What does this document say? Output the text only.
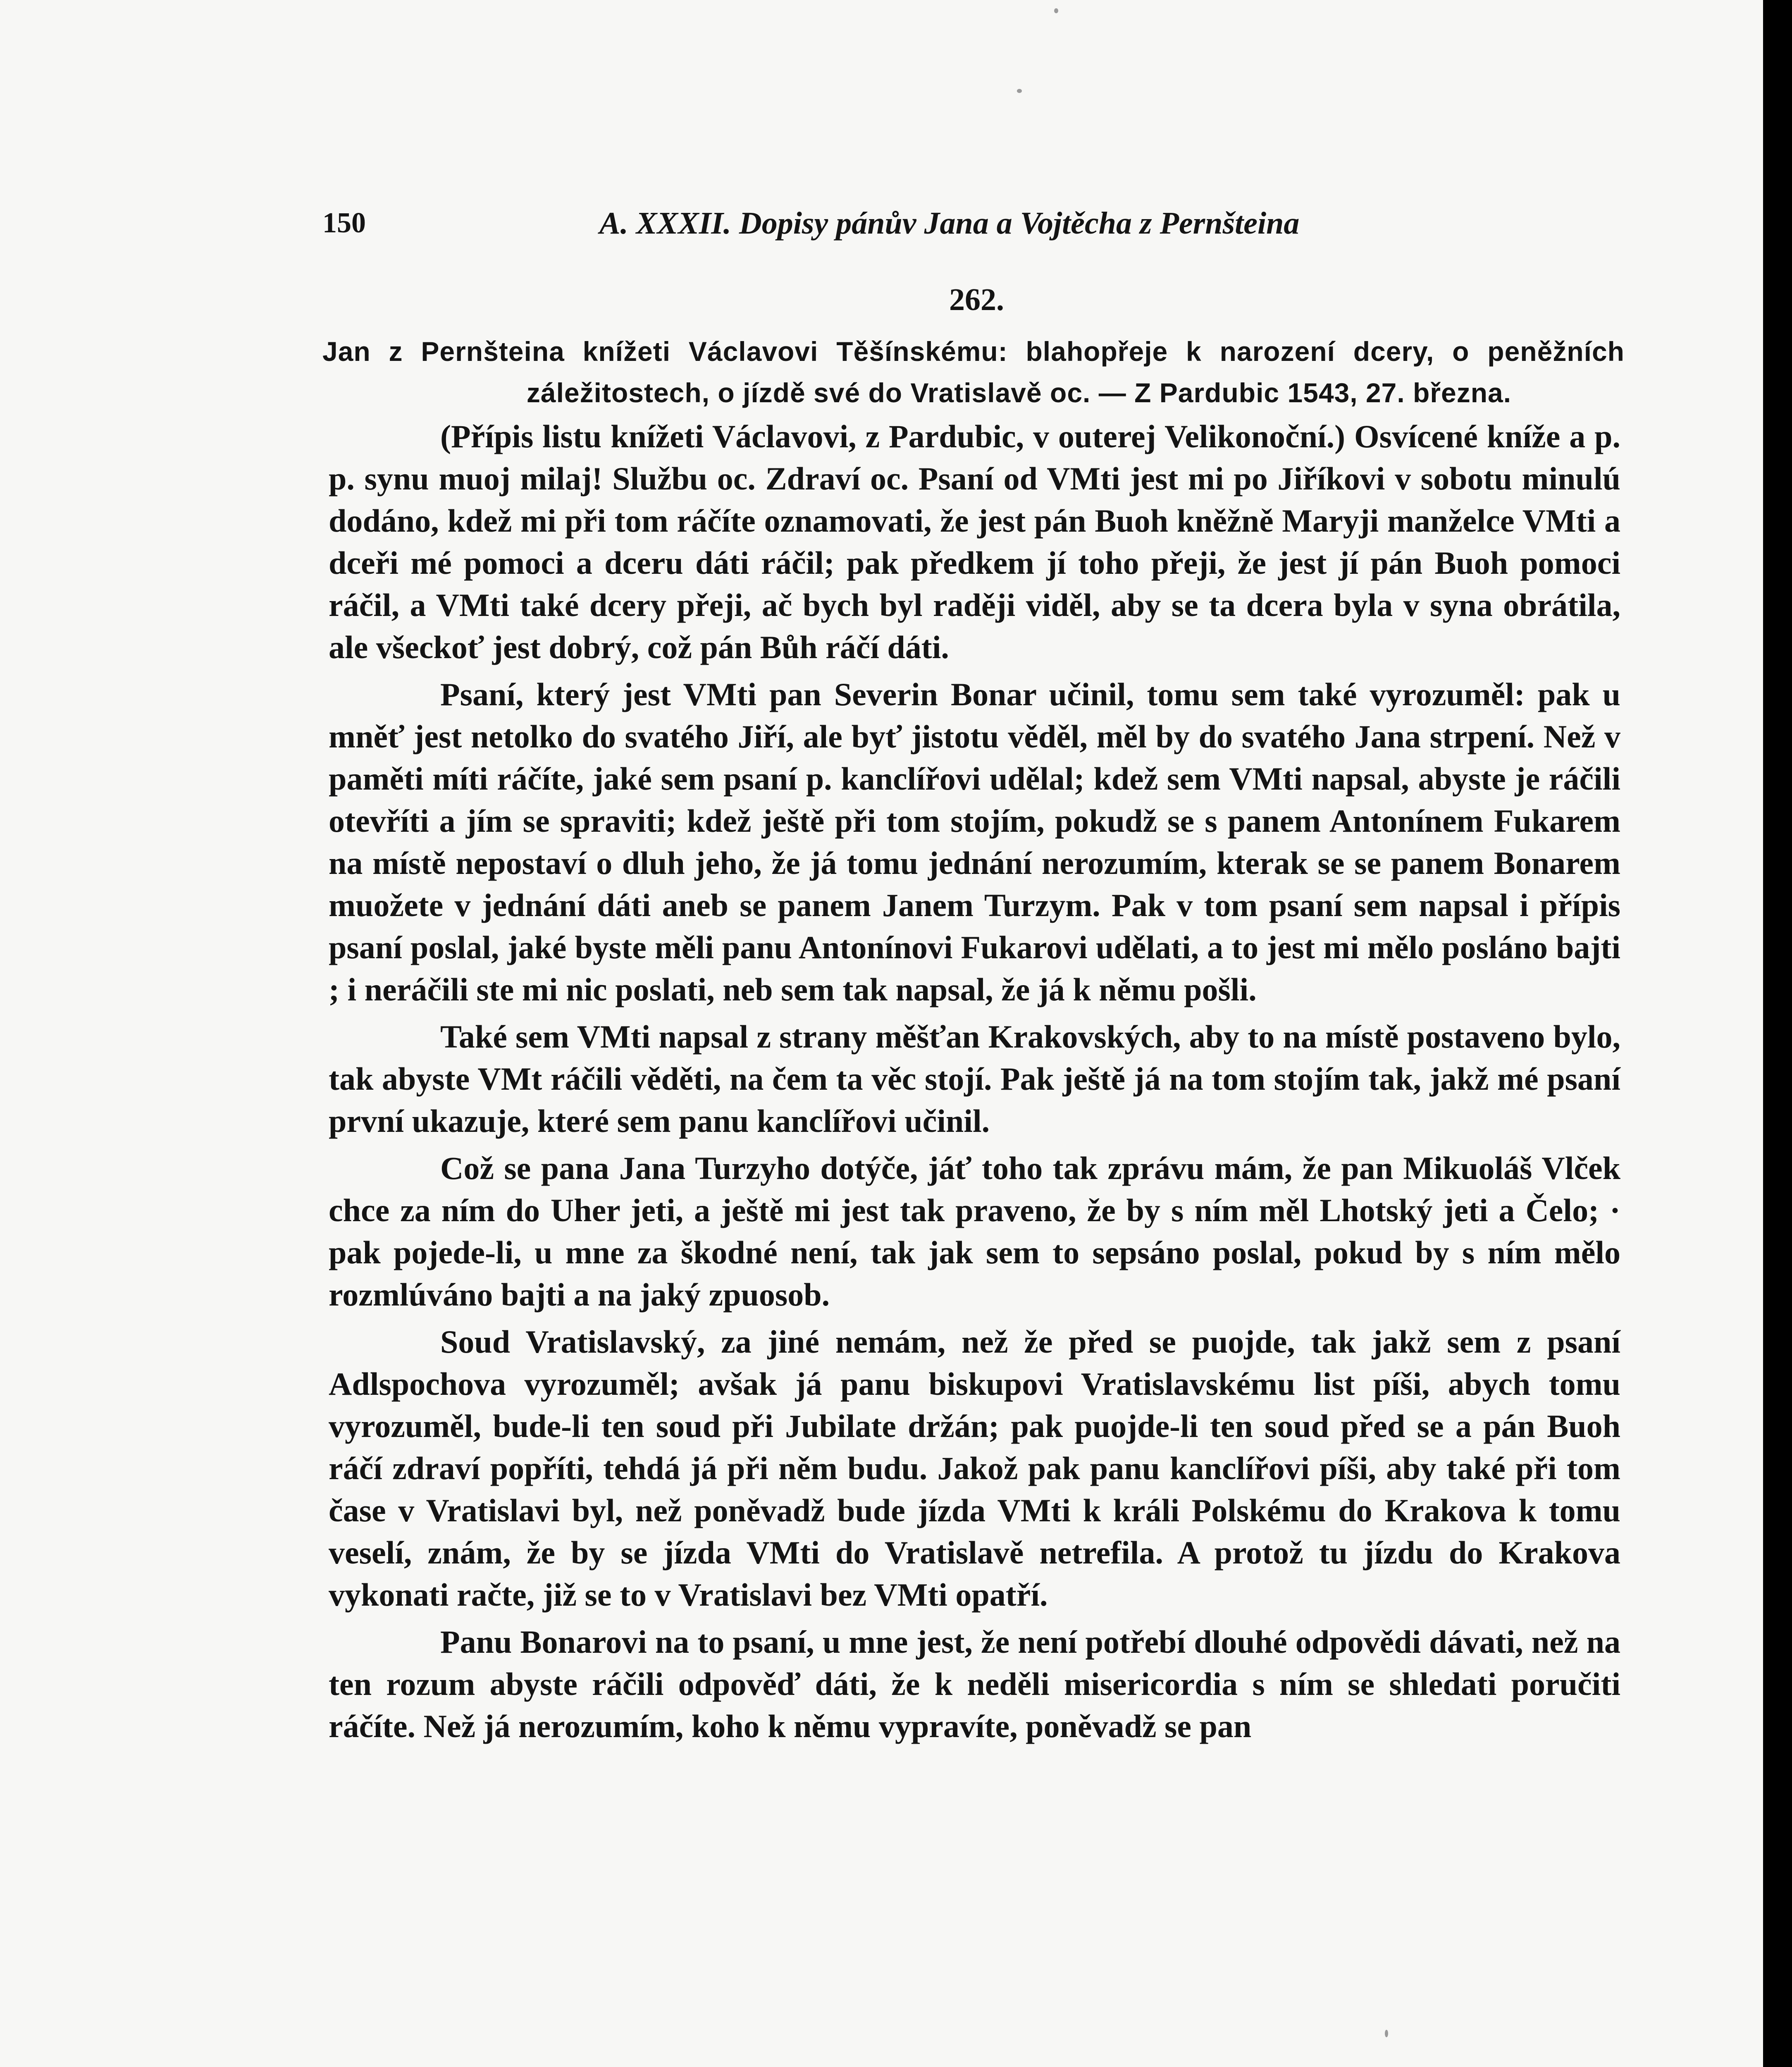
150	A. XXXII. Dopisy pánův Jana a Vojtěcha z Pernšteina
262.
Jan z Pernšteina knížeti Václavovi Těšínskému: blahopřeje k narození dcery, o peněžních
záležitostech, o jízdě své do Vratislavě oc. — Z Pardubic 1543, 27. března.

(Přípis listu knížeti Václavovi, z Pardubic, v outerej Velikonoční.) Osvícené kníže a p. p. synu muoj milaj! Službu oc. Zdraví oc. Psaní od VMti jest mi po Jiříkovi v sobotu minulú dodáno, kdež mi při tom ráčíte oznamovati, že jest pán Buoh kněžně Maryji manželce VMti a dceři mé pomoci a dceru dáti ráčil; pak předkem jí toho přeji, že jest jí pán Buoh pomoci ráčil, a VMti také dcery přeji, ač bych byl raději viděl, aby se ta dcera byla v syna obrátila, ale všeckoť jest dobrý, což pán Bůh ráčí dáti.

Psaní, který jest VMti pan Severin Bonar učinil, tomu sem také vyrozuměl: pak u mněť jest netolko do svatého Jiří, ale byť jistotu věděl, měl by do svatého Jana strpení. Než v paměti míti ráčíte, jaké sem psaní p. kanclířovi udělal; kdež sem VMti napsal, abyste je ráčili otevříti a jím se spraviti; kdež ještě při tom stojím, pokudž se s panem Antonínem Fukarem na místě nepostaví o dluh jeho, že já tomu jednání nerozumím, kterak se se panem Bonarem muožete v jednání dáti aneb se panem Janem Turzym. Pak v tom psaní sem napsal i přípis psaní poslal, jaké byste měli panu Antonínovi Fukarovi udělati, a to jest mi mělo posláno bajti ; i neráčili ste mi nic poslati, neb sem tak napsal, že já k němu pošli.

Také sem VMti napsal z strany měšťan Krakovských, aby to na místě postaveno bylo, tak abyste VMt ráčili věděti, na čem ta věc stojí. Pak ještě já na tom stojím tak, jakž mé psaní první ukazuje, které sem panu kanclířovi učinil.

Což se pana Jana Turzyho dotýče, jáť toho tak zprávu mám, že pan Mikuoláš Vlček chce za ním do Uher jeti, a ještě mi jest tak praveno, že by s ním měl Lhotský jeti a Čelo; · pak pojede-li, u mne za škodné není, tak jak sem to sepsáno poslal, pokud by s ním mělo rozmlúváno bajti a na jaký zpuosob.

Soud Vratislavský, za jiné nemám, než že před se puojde, tak jakž sem z psaní Adlspochova vyrozuměl; avšak já panu biskupovi Vratislavskému list píši, abych tomu vyrozuměl, bude-li ten soud při Jubilate držán; pak puojde-li ten soud před se a pán Buoh ráčí zdraví popříti, tehdá já při něm budu. Jakož pak panu kanclířovi píši, aby také při tom čase v Vratislavi byl, než poněvadž bude jízda VMti k králi Polskému do Krakova k tomu veselí, znám, že by se jízda VMti do Vratislavě netrefila. A protož tu jízdu do Krakova vykonati račte, již se to v Vratislavi bez VMti opatří.

Panu Bonarovi na to psaní, u mne jest, že není potřebí dlouhé odpovědi dávati, než na ten rozum abyste ráčili odpověď dáti, že k neděli misericordia s ním se shledati poručiti ráčíte. Než já nerozumím, koho k němu vypravíte, poněvadž se pan
